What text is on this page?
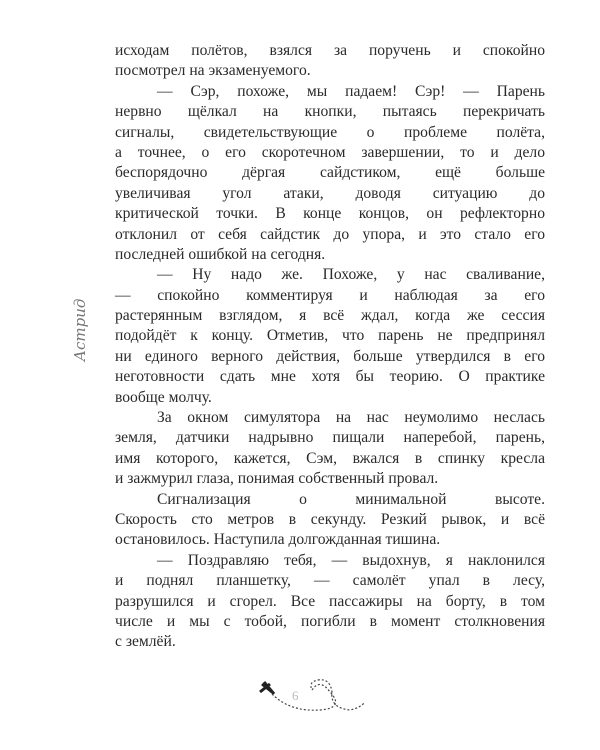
Астрид
исходам полётов, взялся за поручень и спокойно
посмотрел на экзаменуемого.
— Сэр, похоже, мы падаем! Сэр! — Парень
нервно щёлкал на кнопки, пытаясь перекричать
сигналы, свидетельствующие о проблеме полёта,
а точнее, о его скоротечном завершении, то и дело
беспорядочно дёргая сайдстиком, ещё больше
увеличивая угол атаки, доводя ситуацию до
критической точки. В конце концов, он рефлекторно
отклонил от себя сайдстик до упора, и это стало его
последней ошибкой на сегодня.
— Ну надо же. Похоже, у нас сваливание,
— спокойно комментируя и наблюдая за его
растерянным взглядом, я всё ждал, когда же сессия
подойдёт к концу. Отметив, что парень не предпринял
ни единого верного действия, больше утвердился в его
неготовности сдать мне хотя бы теорию. О практике
вообще молчу.
За окном симулятора на нас неумолимо неслась
земля, датчики надрывно пищали наперебой, парень,
имя которого, кажется, Сэм, вжался в спинку кресла
и зажмурил глаза, понимая собственный провал.
Сигнализация о минимальной высоте.
Скорость сто метров в секунду. Резкий рывок, и всё
остановилось. Наступила долгожданная тишина.
— Поздравляю тебя, — выдохнув, я наклонился
и поднял планшетку, — самолёт упал в лесу,
разрушился и сгорел. Все пассажиры на борту, в том
числе и мы с тобой, погибли в момент столкновения
с землёй.
6
